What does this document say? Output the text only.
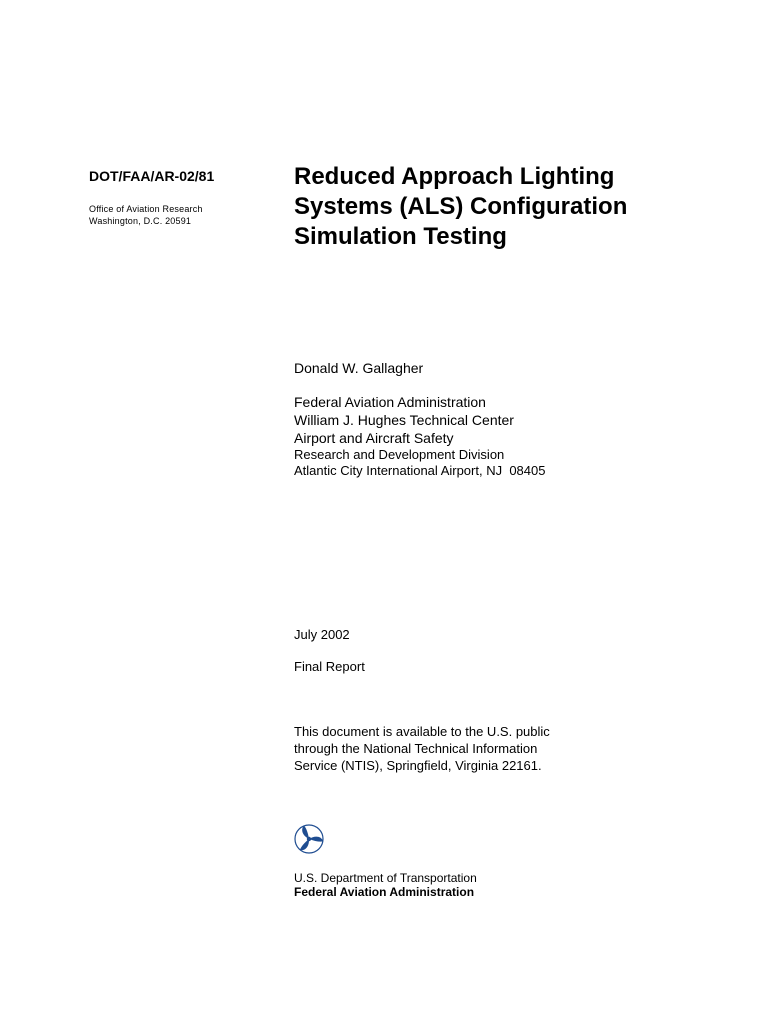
DOT/FAA/AR-02/81
Office of Aviation Research
Washington, D.C. 20591
Reduced Approach Lighting
Systems (ALS) Configuration
Simulation Testing
Donald W. Gallagher
Federal Aviation Administration
William J. Hughes Technical Center
Airport and Aircraft Safety
Research and Development Division
Atlantic City International Airport, NJ  08405
July 2002
Final Report
This document is available to the U.S. public
through the National Technical Information
Service (NTIS), Springfield, Virginia 22161.
U.S. Department of Transportation
Federal Aviation Administration
